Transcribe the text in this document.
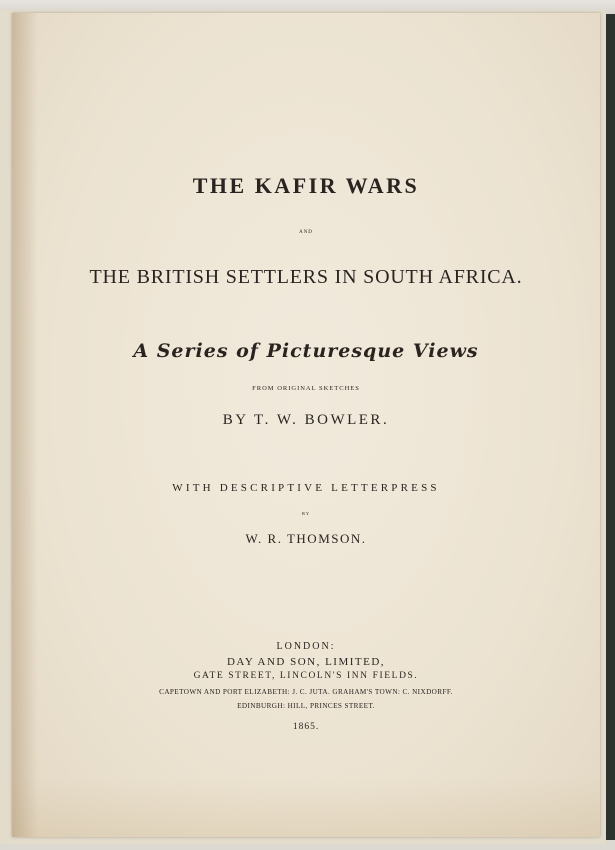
THE KAFIR WARS
AND
THE BRITISH SETTLERS IN SOUTH AFRICA.
A Series of Picturesque Views
FROM ORIGINAL SKETCHES
BY T. W. BOWLER.
WITH DESCRIPTIVE LETTERPRESS
BY
W. R. THOMSON.
LONDON:
DAY AND SON, LIMITED,
GATE STREET, LINCOLN'S INN FIELDS.
CAPETOWN AND PORT ELIZABETH: J. C. JUTA. GRAHAM'S TOWN: C. NIXDORFF.
EDINBURGH: HILL, PRINCES STREET.
1865.
